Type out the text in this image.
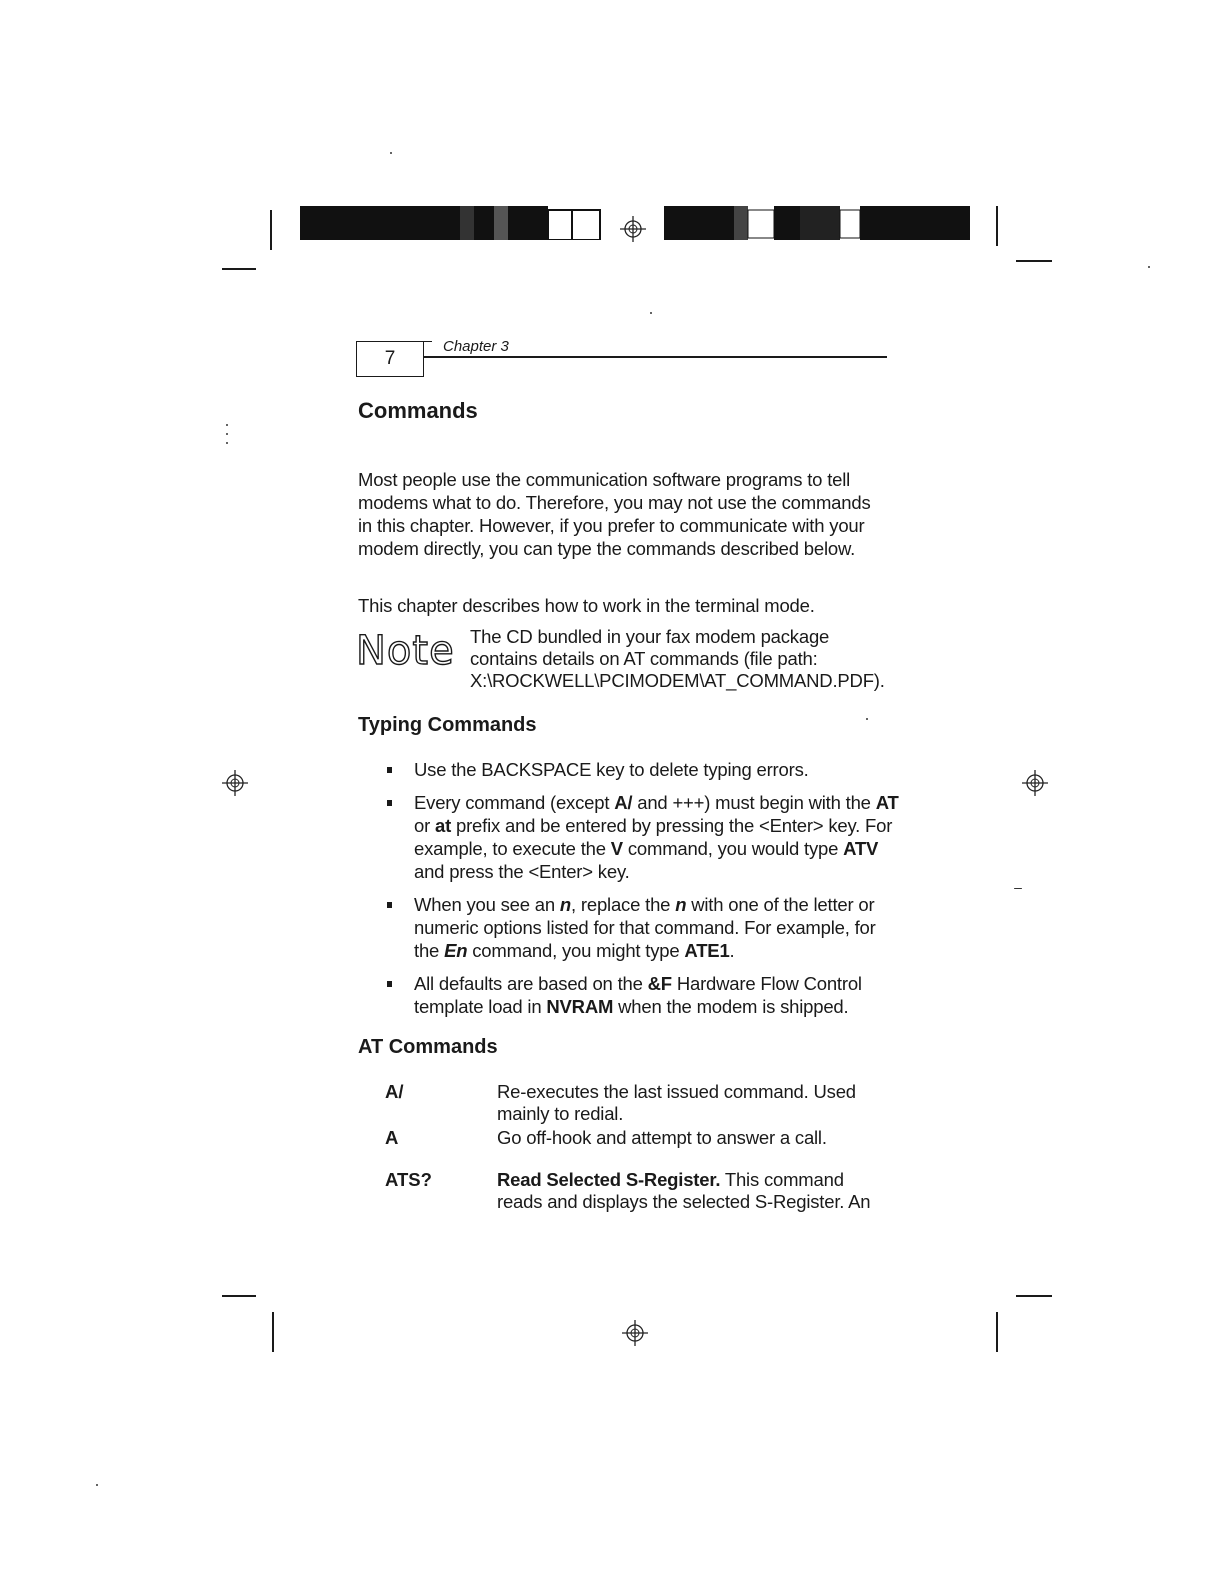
7
Chapter 3
Commands

Most people use the communication software programs to tell modems what to do. Therefore, you may not use the commands in this chapter. However, if you prefer to communicate with your modem directly, you can type the commands described below.

This chapter describes how to work in the terminal mode.

Note The CD bundled in your fax modem package
contains details on AT commands (file path:
X:\ROCKWELL\PCIMODEM\AT_COMMAND.PDF).
Typing Commands
Use the BACKSPACE key to delete typing errors.
Every command (except A/ and +++) must begin with the AT or at prefix and be entered by pressing the <Enter> key. For example, to execute the V command, you would type ATV and press the <Enter> key.
When you see an n, replace the n with one of the letter or numeric options listed for that command. For example, for the En command, you might type ATE1.
All defaults are based on the &F Hardware Flow Control template load in NVRAM when the modem is shipped.
AT Commands
A/	Re-executes the last issued command. Used mainly to redial.
A	Go off-hook and attempt to answer a call.
ATS?	Read Selected S-Register. This command reads and displays the selected S-Register. An
